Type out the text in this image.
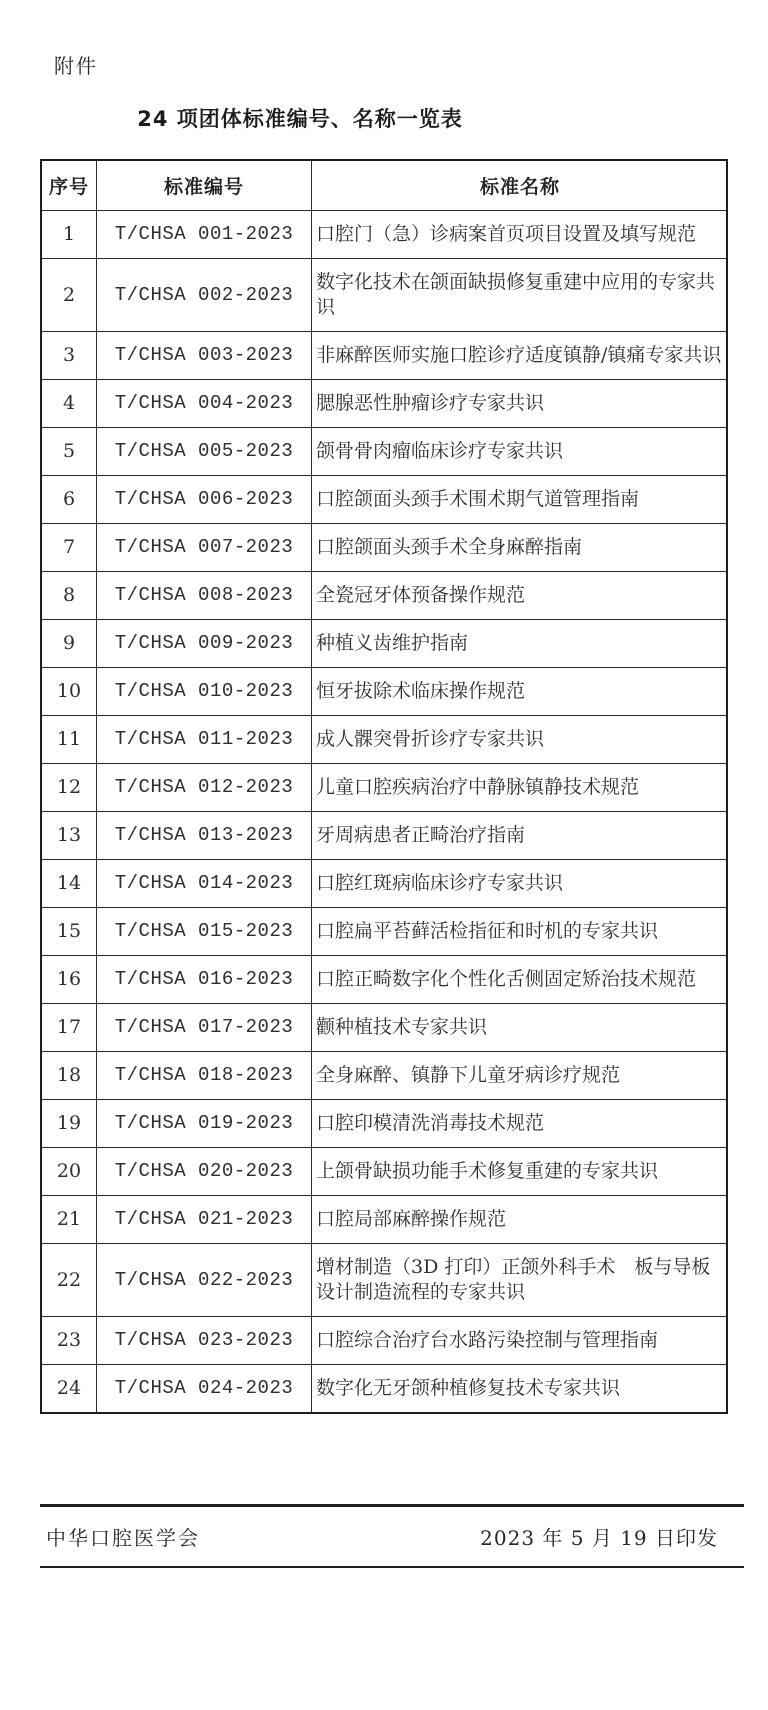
附件
24 项团体标准编号、名称一览表
序号	标准编号	标准名称
1	T/CHSA 001-2023	口腔门（急）诊病案首页项目设置及填写规范
2	T/CHSA 002-2023	数字化技术在颌面缺损修复重建中应用的专家共识
3	T/CHSA 003-2023	非麻醉医师实施口腔诊疗适度镇静/镇痛专家共识
4	T/CHSA 004-2023	腮腺恶性肿瘤诊疗专家共识
5	T/CHSA 005-2023	颌骨骨肉瘤临床诊疗专家共识
6	T/CHSA 006-2023	口腔颌面头颈手术围术期气道管理指南
7	T/CHSA 007-2023	口腔颌面头颈手术全身麻醉指南
8	T/CHSA 008-2023	全瓷冠牙体预备操作规范
9	T/CHSA 009-2023	种植义齿维护指南
10	T/CHSA 010-2023	恒牙拔除术临床操作规范
11	T/CHSA 011-2023	成人髁突骨折诊疗专家共识
12	T/CHSA 012-2023	儿童口腔疾病治疗中静脉镇静技术规范
13	T/CHSA 013-2023	牙周病患者正畸治疗指南
14	T/CHSA 014-2023	口腔红斑病临床诊疗专家共识
15	T/CHSA 015-2023	口腔扁平苔藓活检指征和时机的专家共识
16	T/CHSA 016-2023	口腔正畸数字化个性化舌侧固定矫治技术规范
17	T/CHSA 017-2023	颧种植技术专家共识
18	T/CHSA 018-2023	全身麻醉、镇静下儿童牙病诊疗规范
19	T/CHSA 019-2023	口腔印模清洗消毒技术规范
20	T/CHSA 020-2023	上颌骨缺损功能手术修复重建的专家共识
21	T/CHSA 021-2023	口腔局部麻醉操作规范
22	T/CHSA 022-2023	增材制造（3D 打印）正颌外科手术　板与导板设计制造流程的专家共识
23	T/CHSA 023-2023	口腔综合治疗台水路污染控制与管理指南
24	T/CHSA 024-2023	数字化无牙颌种植修复技术专家共识
中华口腔医学会	2023 年 5 月 19 日印发
